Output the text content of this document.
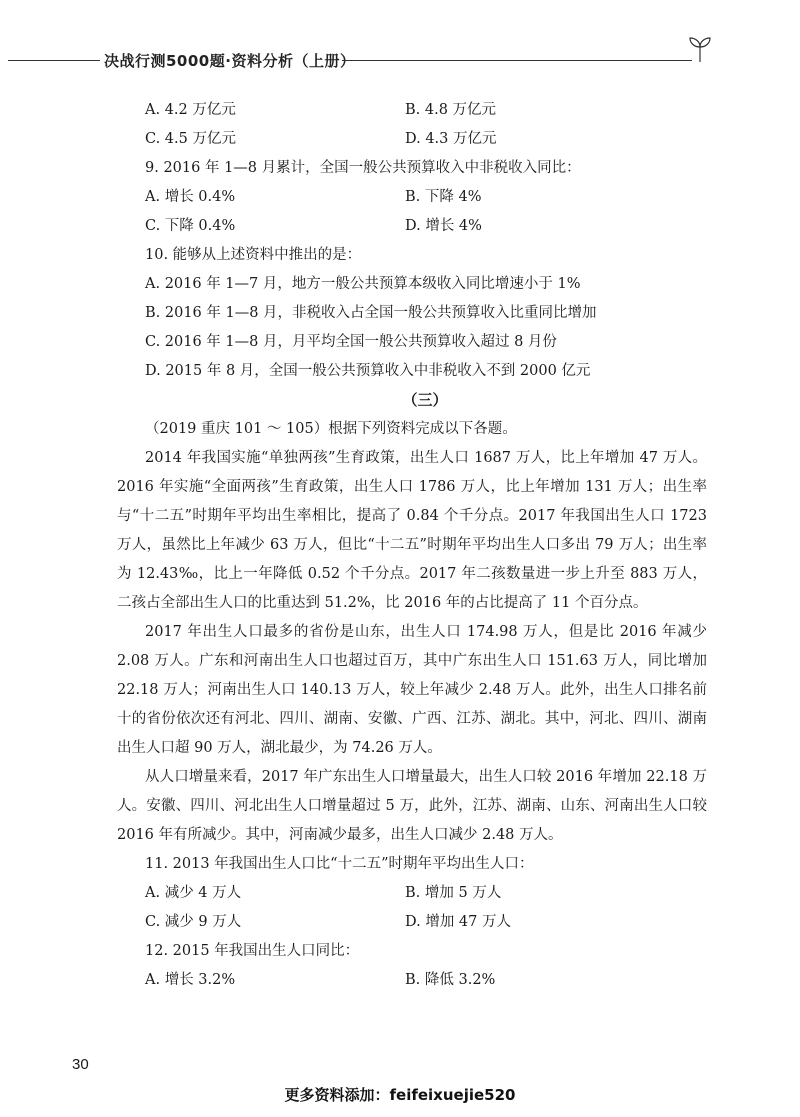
决战行测5000题·资料分析（上册）
A. 4.2 万亿元	B. 4.8 万亿元
C. 4.5 万亿元	D. 4.3 万亿元
9. 2016 年 1—8 月累计，全国一般公共预算收入中非税收入同比：
A. 增长 0.4%	B. 下降 4%
C. 下降 0.4%	D. 增长 4%
10. 能够从上述资料中推出的是：
A. 2016 年 1—7 月，地方一般公共预算本级收入同比增速小于 1%
B. 2016 年 1—8 月，非税收入占全国一般公共预算收入比重同比增加
C. 2016 年 1—8 月，月平均全国一般公共预算收入超过 8 月份
D. 2015 年 8 月，全国一般公共预算收入中非税收入不到 2000 亿元
（三）
（2019 重庆 101 ～ 105）根据下列资料完成以下各题。

2014 年我国实施“单独两孩”生育政策，出生人口 1687 万人，比上年增加 47 万人。2016 年实施“全面两孩”生育政策，出生人口 1786 万人，比上年增加 131 万人；出生率与“十二五”时期年平均出生率相比，提高了 0.84 个千分点。2017 年我国出生人口 1723 万人，虽然比上年减少 63 万人，但比“十二五”时期年平均出生人口多出 79 万人；出生率为 12.43‰，比上一年降低 0.52 个千分点。2017 年二孩数量进一步上升至 883 万人，二孩占全部出生人口的比重达到 51.2%，比 2016 年的占比提高了 11 个百分点。

2017 年出生人口最多的省份是山东，出生人口 174.98 万人，但是比 2016 年减少 2.08 万人。广东和河南出生人口也超过百万，其中广东出生人口 151.63 万人，同比增加 22.18 万人；河南出生人口 140.13 万人，较上年减少 2.48 万人。此外，出生人口排名前十的省份依次还有河北、四川、湖南、安徽、广西、江苏、湖北。其中，河北、四川、湖南出生人口超 90 万人，湖北最少，为 74.26 万人。

从人口增量来看，2017 年广东出生人口增量最大，出生人口较 2016 年增加 22.18 万人。安徽、四川、河北出生人口增量超过 5 万，此外，江苏、湖南、山东、河南出生人口较 2016 年有所减少。其中，河南减少最多，出生人口减少 2.48 万人。

11. 2013 年我国出生人口比“十二五”时期年平均出生人口：
A. 减少 4 万人	B. 增加 5 万人
C. 减少 9 万人	D. 增加 47 万人
12. 2015 年我国出生人口同比：
A. 增长 3.2%	B. 降低 3.2%
30
更多资料添加：feifeixuejie520
